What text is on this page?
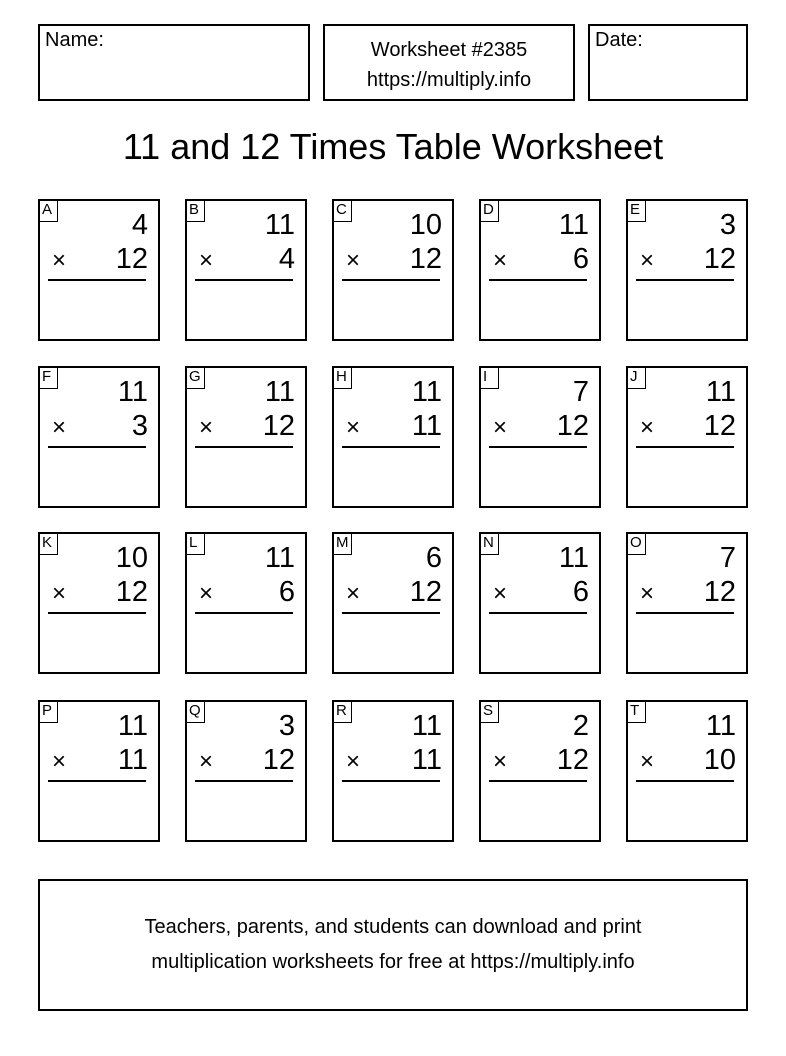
Name:	Worksheet #2385
https://multiply.info
Date:
11 and 12 Times Table Worksheet
A	4
× 12
B 11
× 4
C 10
× 12
D 11
× 6
E	3
× 12
F 11
× 3
G 11
× 12
H 11
× 11
I	7
× 12
J 11
× 12
K 10
× 12
L 11
× 6
M	6
× 12
N 11
× 6
O	7
× 12
P 11
× 11
Q	3
× 12
R 11
× 11
S	2
× 12
T 11
× 10
Teachers, parents, and students can download and print
multiplication worksheets for free at https://multiply.info
